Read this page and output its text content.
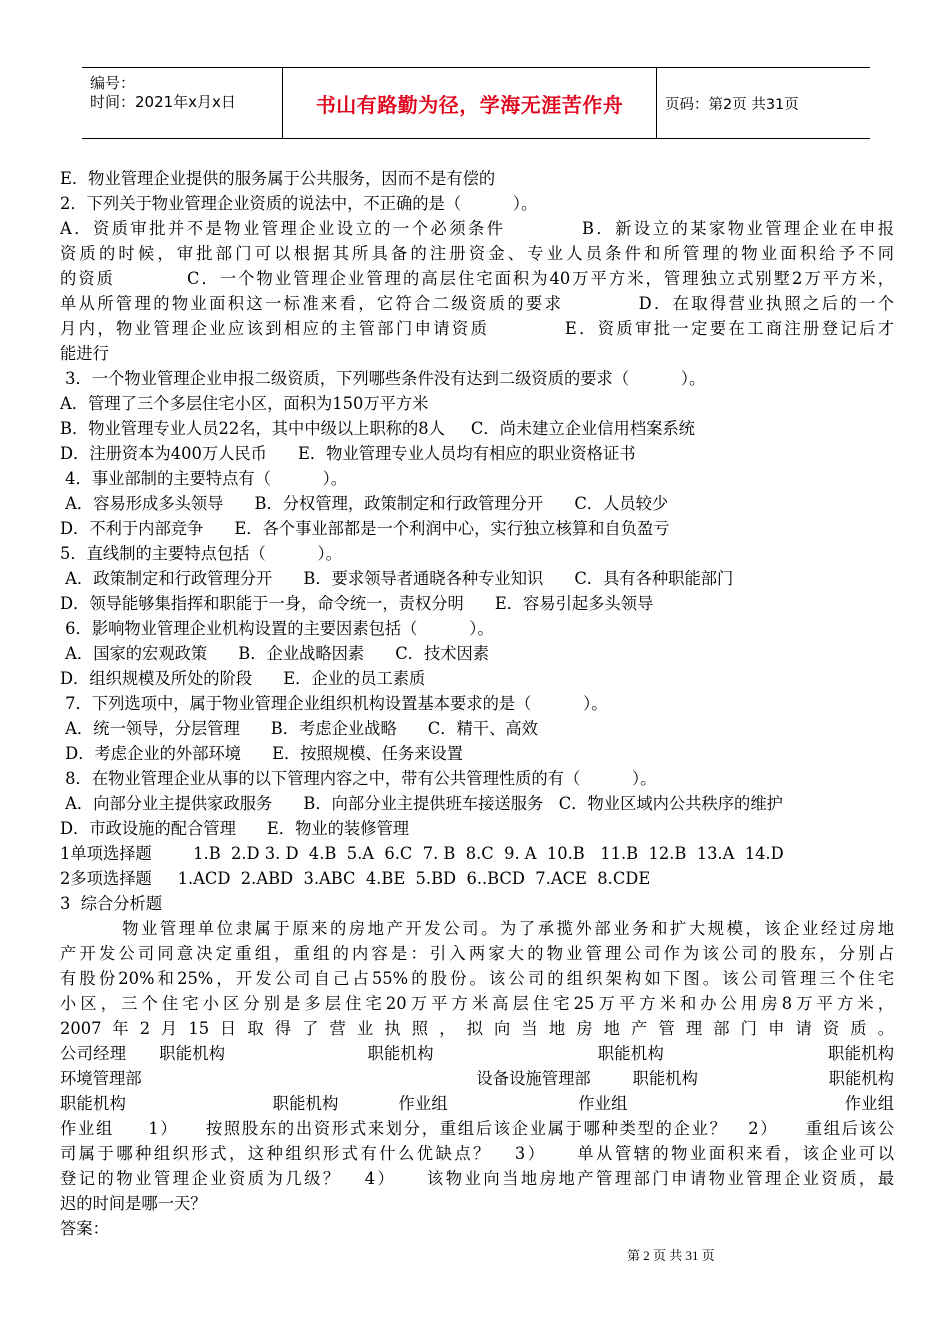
编号：
时间：2021年x月x日	书山有路勤为径，学海无涯苦作舟	页码：第2页 共31页
E．物业管理企业提供的服务属于公共服务，因而不是有偿的
2．下列关于物业管理企业资质的说法中，不正确的是（          ）。
A．资质审批并不是物业管理企业设立的一个必须条件          B．新设立的某家物业管理企业在申报
资质的时候，审批部门可以根据其所具备的注册资金、专业人员条件和所管理的物业面积给予不同
的资质          C．一个物业管理企业管理的高层住宅面积为40万平方米，管理独立式别墅2万平方米，
单从所管理的物业面积这一标准来看，它符合二级资质的要求          D．在取得营业执照之后的一个
月内，物业管理企业应该到相应的主管部门申请资质          E．资质审批一定要在工商注册登记后才
能进行
3．一个物业管理企业申报二级资质，下列哪些条件没有达到二级资质的要求（          ）。
A．管理了三个多层住宅小区，面积为150万平方米
B．物业管理专业人员22名，其中中级以上职称的8人     C．尚未建立企业信用档案系统
D．注册资本为400万人民币      E．物业管理专业人员均有相应的职业资格证书
4．事业部制的主要特点有（          ）。
A．容易形成多头领导      B．分权管理，政策制定和行政管理分开      C．人员较少
D．不利于内部竞争      E．各个事业部都是一个利润中心，实行独立核算和自负盈亏
5．直线制的主要特点包括（          ）。
A．政策制定和行政管理分开      B．要求领导者通晓各种专业知识      C．具有各种职能部门
D．领导能够集指挥和职能于一身，命令统一，责权分明      E．容易引起多头领导
6．影响物业管理企业机构设置的主要因素包括（          ）。
A．国家的宏观政策      B．企业战略因素      C．技术因素
D．组织规模及所处的阶段      E．企业的员工素质
7．下列选项中，属于物业管理企业组织机构设置基本要求的是（          ）。
A．统一领导，分层管理      B．考虑企业战略      C．精干、高效
D．考虑企业的外部环境      E．按照规模、任务来设置
8．在物业管理企业从事的以下管理内容之中，带有公共管理性质的有（          ）。
A．向部分业主提供家政服务      B．向部分业主提供班车接送服务   C．物业区域内公共秩序的维护
D．市政设施的配合管理      E．物业的装修管理
1单项选择题        1.B  2.D 3. D  4.B  5.A  6.C  7. B  8.C  9. A  10.B   11.B  12.B  13.A  14.D
2多项选择题     1.ACD  2.ABD  3.ABC  4.BE  5.BD  6..BCD  7.ACE  8.CDE
3  综合分析题
物业管理单位隶属于原来的房地产开发公司。为了承揽外部业务和扩大规模，该企业经过房地
产开发公司同意决定重组，重组的内容是：引入两家大的物业管理公司作为该公司的股东，分别占
有股份20%和25%，开发公司自己占55%的股份。该公司的组织架构如下图。该公司管理三个住宅
小区，三个住宅小区分别是多层住宅20万平方米高层住宅25万平方米和办公用房8万平方米，
2007  年  2  月  15  日  取  得  了  营  业  执  照  ，  拟  向  当  地  房  地  产  管  理  部  门  申  请  资  质  。
公司经理      职能机构                          职能机构                              职能机构                              职能机构
环境管理部                                                                设备设施管理部        职能机构                         职能机构
职能机构                           职能机构           作业组                        作业组                                        作业组
作业组     1）    按照股东的出资形式来划分，重组后该企业属于哪种类型的企业？   2）    重组后该公
司属于哪种组织形式，这种组织形式有什么优缺点？   3）    单从管辖的物业面积来看，该企业可以
登记的物业管理企业资质为几级？   4）    该物业向当地房地产管理部门申请物业管理企业资质，最
迟的时间是哪一天？
答案：
第 2 页 共 31 页
